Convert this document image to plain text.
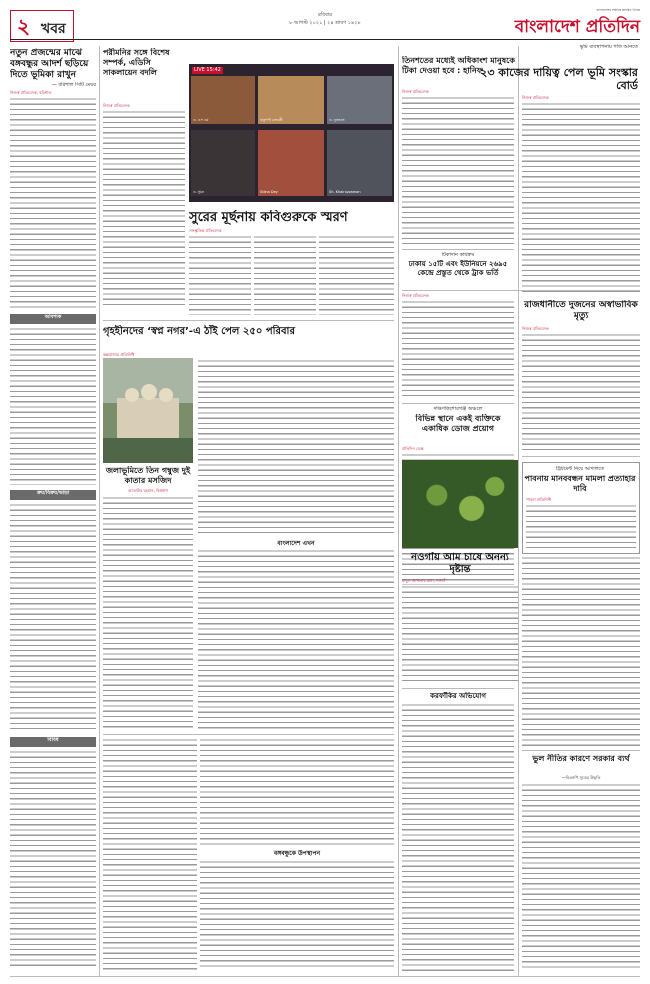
২ খবর
রবিবার
৮ আগস্ট ২০২১ | ২৪ শ্রাবণ ১৪২৮
বাংলাদেশের সর্বাধিক প্রচারিত দৈনিক
বাংলাদেশ প্রতিদিন
নতুন প্রজন্মের মাঝে বঙ্গবন্ধুর আদর্শ ছড়িয়ে দিতে ভূমিকা রাখুন
— বরিশাল সিটি মেয়র
নিজস্ব প্রতিবেদক, বরিশাল
আবশ্যক
ক্রয়/বিক্রয়/ভাড়া
বিবিধ
পরীমনির সঙ্গে বিশেষ সম্পর্ক, এডিসি সাকলায়েন বদলি
নিজস্ব প্রতিবেদক
LIVE 15:42
ড. এস এম	ঋতুপর্ণা চক্রবর্তী	ড. নুজহাত
ড. সুমন	Sidna Dey	Sh. Khairuzzaman
সুরের মূর্ছনায় কবিগুরুকে স্মরণ
সাংস্কৃতিক প্রতিবেদক
গৃহহীনদের ‘স্বপ্ন নগর’-এ ঠাঁই পেল ২৫০ পরিবার
কক্সবাজার প্রতিনিধি
জলাভূমিতে তিন গম্বুজ দুই কাতার মসজিদ
আতাউর রহমান, বিশ্বনাথ
বাংলাদেশ এখন
বঙ্গবন্ধুকে উপস্থাপন
তিনশতের মধ্যেই অধিকাংশ মানুষকে টিকা দেওয়া হবে : হানিফ
নিজস্ব প্রতিবেদক
টিকাদান কার্যক্রম
ঢাকায় ১৫টি এবং ইউনিয়নে ২৬৯৫ কেন্দ্রে প্রস্তুত থেকে ট্রাক ভর্তি
নিজস্ব প্রতিবেদক
দক্ষিণকিশোরগঞ্জ অঞ্চলে
বিভিন্ন স্থানে একই ব্যক্তিকে একাধিক ডোজ প্রয়োগ
প্রতিদিন ডেস্ক
ভূমি ব্যবস্থাপনায় গতি আনতে
২৩ কাজের দায়িত্ব পেল ভূমি সংস্কার বোর্ড
নিজস্ব প্রতিবেদক
রাজধানীতে দুজনের অস্বাভাবিক মৃত্যু
নিজস্ব প্রতিবেদক
নওগাঁয় আম চাষে অনন্য দৃষ্টান্ত
বাবুল আখতার রানা, নওগাঁ
ট্রিটমেন্ট নিয়ে আদালতে
পাবনায় মানববন্ধন মামলা প্রত্যাহার দাবি
পাবনা প্রতিনিধি
করফাঁকির অভিযোগ
ভুল নীতির কারণে সরকার ব্যর্থ
—বিএনপি সূত্রের উদ্ধৃতি
